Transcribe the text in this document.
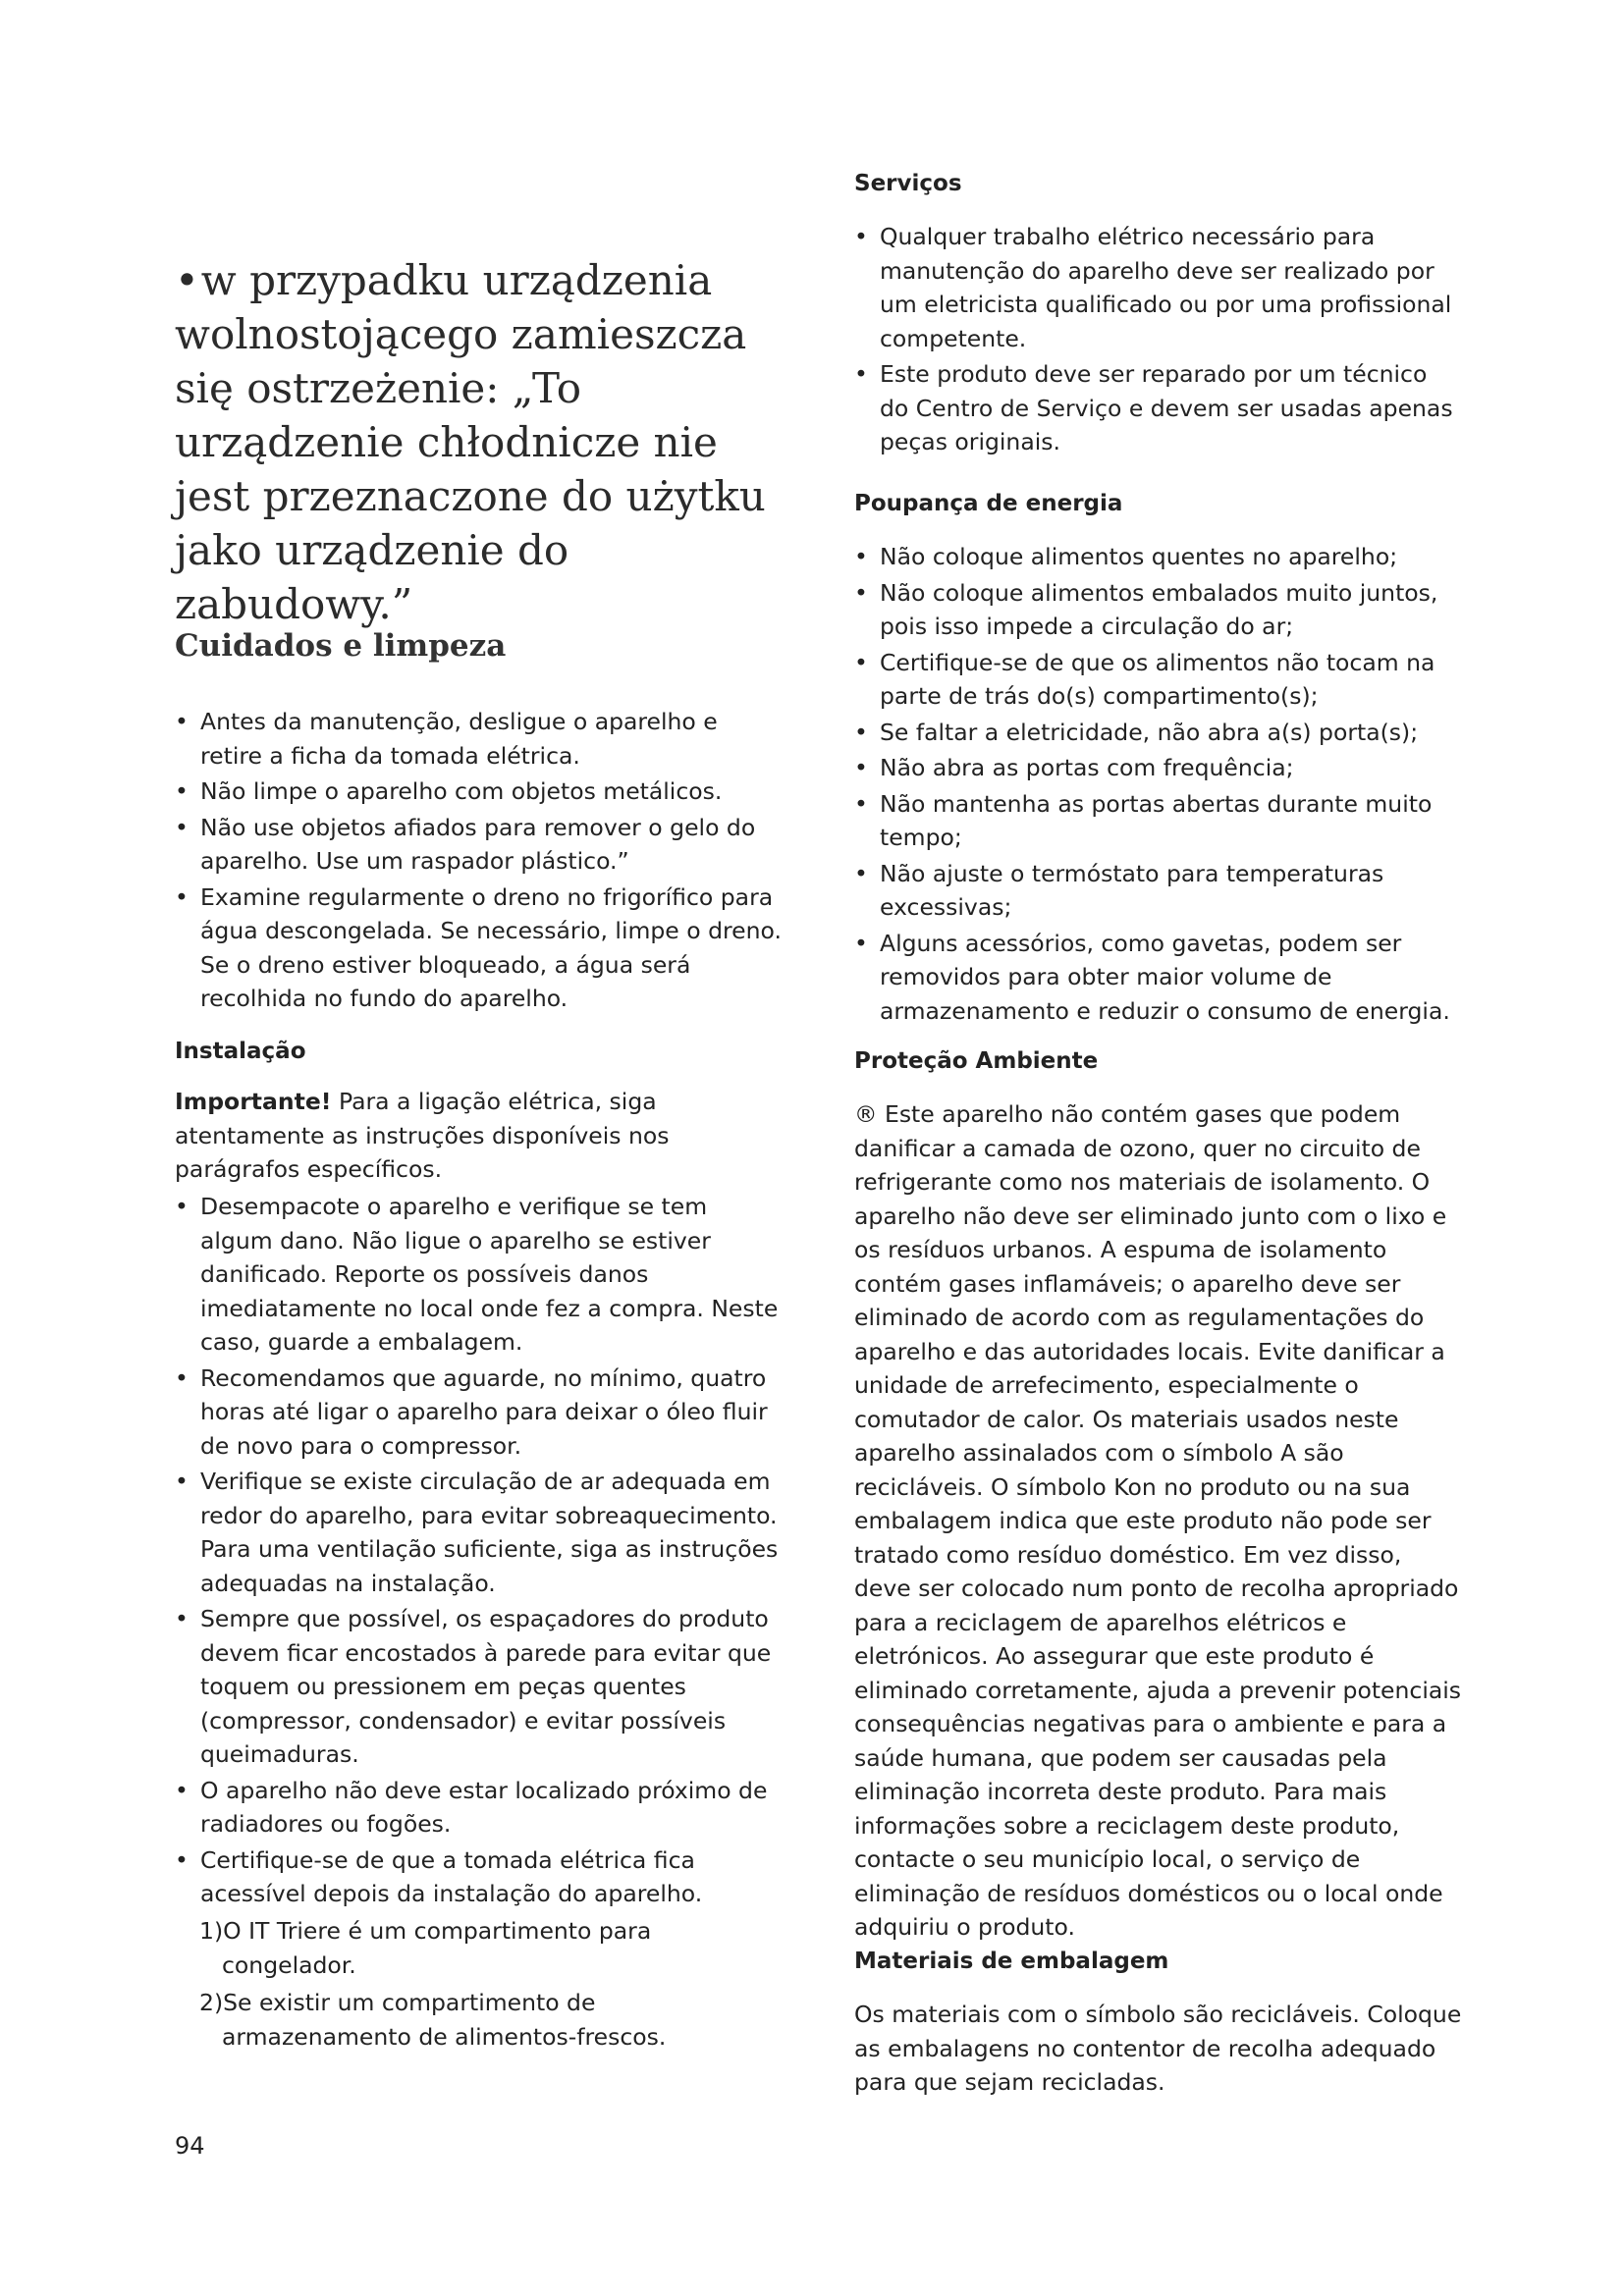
•w przypadku urządzenia wolnostojącego zamieszcza się ostrzeżenie: „To urządzenie chłodnicze nie jest przeznaczone do użytku jako urządzenie do zabudowy.”

Cuidados e limpeza
• Antes da manutenção, desligue o aparelho e retire a ficha da tomada elétrica.
• Não limpe o aparelho com objetos metálicos.
• Não use objetos afiados para remover o gelo do aparelho. Use um raspador plástico.”
• Examine regularmente o dreno no frigorífico para água descongelada. Se necessário, limpe o dreno. Se o dreno estiver bloqueado, a água será recolhida no fundo do aparelho.
Instalação

Importante! Para a ligação elétrica, siga atentamente as instruções disponíveis nos parágrafos específicos.

• Desempacote o aparelho e verifique se tem algum dano. Não ligue o aparelho se estiver danificado. Reporte os possíveis danos imediatamente no local onde fez a compra. Neste caso, guarde a embalagem.
• Recomendamos que aguarde, no mínimo, quatro horas até ligar o aparelho para deixar o óleo fluir de novo para o compressor.
• Verifique se existe circulação de ar adequada em redor do aparelho, para evitar sobreaquecimento. Para uma ventilação suficiente, siga as instruções adequadas na instalação.
• Sempre que possível, os espaçadores do produto devem ficar encostados à parede para evitar que toquem ou pressionem em peças quentes (compressor, condensador) e evitar possíveis queimaduras.
• O aparelho não deve estar localizado próximo de radiadores ou fogões.
• Certifique-se de que a tomada elétrica fica acessível depois da instalação do aparelho.
1)O IT Triere é um compartimento para congelador.
2)Se existir um compartimento de armazenamento de alimentos-frescos.
Serviços
• Qualquer trabalho elétrico necessário para manutenção do aparelho deve ser realizado por um eletricista qualificado ou por uma profissional competente.
• Este produto deve ser reparado por um técnico do Centro de Serviço e devem ser usadas apenas peças originais.
Poupança de energia
• Não coloque alimentos quentes no aparelho;
• Não coloque alimentos embalados muito juntos, pois isso impede a circulação do ar;
• Certifique-se de que os alimentos não tocam na parte de trás do(s) compartimento(s);
• Se faltar a eletricidade, não abra a(s) porta(s);
• Não abra as portas com frequência;
• Não mantenha as portas abertas durante muito tempo;
• Não ajuste o termóstato para temperaturas excessivas;
• Alguns acessórios, como gavetas, podem ser removidos para obter maior volume de armazenamento e reduzir o consumo de energia.
Proteção Ambiente

® Este aparelho não contém gases que podem danificar a camada de ozono, quer no circuito de refrigerante como nos materiais de isolamento. O aparelho não deve ser eliminado junto com o lixo e os resíduos urbanos. A espuma de isolamento contém gases inflamáveis; o aparelho deve ser eliminado de acordo com as regulamentações do aparelho e das autoridades locais. Evite danificar a unidade de arrefecimento, especialmente o comutador de calor. Os materiais usados neste aparelho assinalados com o símbolo A são recicláveis. O símbolo Kon no produto ou na sua embalagem indica que este produto não pode ser tratado como resíduo doméstico. Em vez disso, deve ser colocado num ponto de recolha apropriado para a reciclagem de aparelhos elétricos e eletrónicos. Ao assegurar que este produto é eliminado corretamente, ajuda a prevenir potenciais consequências negativas para o ambiente e para a saúde humana, que podem ser causadas pela eliminação incorreta deste produto. Para mais informações sobre a reciclagem deste produto, contacte o seu município local, o serviço de eliminação de resíduos domésticos ou o local onde adquiriu o produto.

Materiais de embalagem

Os materiais com o símbolo são recicláveis. Coloque as embalagens no contentor de recolha adequado para que sejam recicladas.

94
